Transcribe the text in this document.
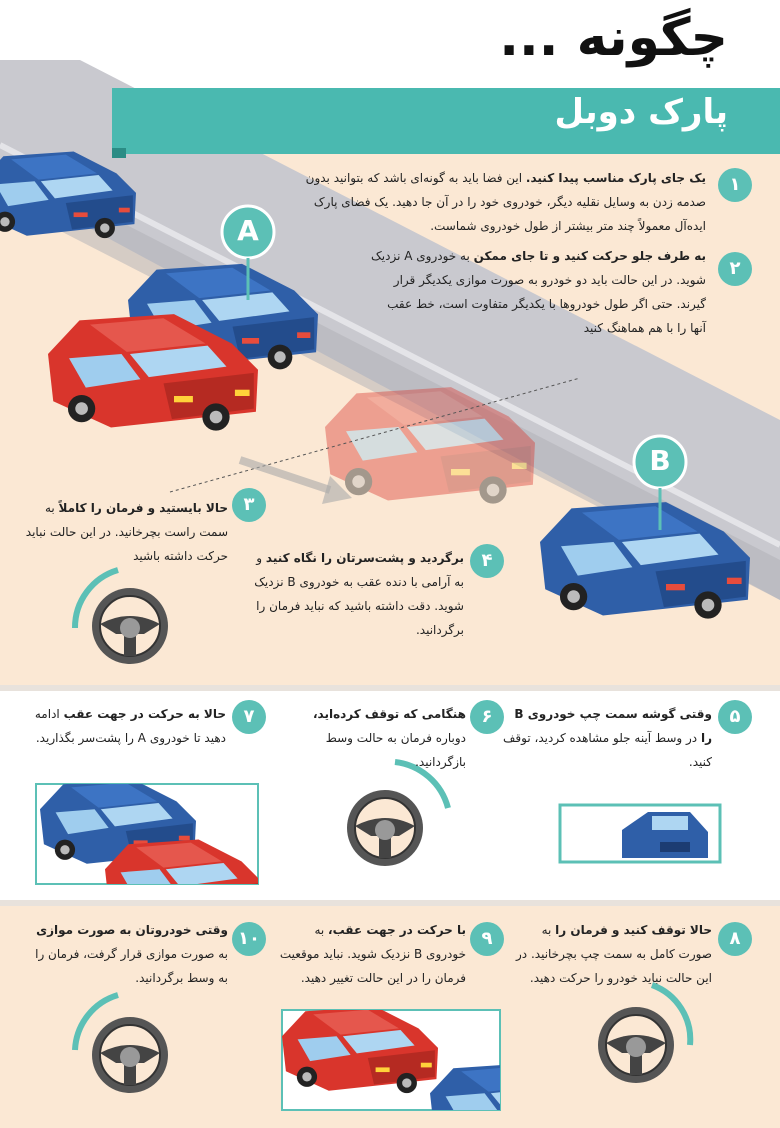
چگونه ...
پارک دوبل
A
B
۱
یک جای پارک مناسب پیدا کنید. این فضا باید به گونه‌ای باشد که بتوانید بدون صدمه زدن به وسایل نقلیه دیگر، خودروی خود را در آن جا دهید. یک فضای پارک ایده‌آل معمولاً چند متر بیشتر از طول خودروی شماست.
۲
به طرف جلو حرکت کنید و تا جای ممکن به خودروی A نزدیک شوید. در این حالت باید دو خودرو به صورت موازی یکدیگر قرار گیرند. حتی اگر طول خودروها با یکدیگر متفاوت است، خط عقب آنها را با هم هماهنگ کنید
۳
حالا بایستید و فرمان را کاملاً به سمت راست بچرخانید. در این حالت نباید حرکت داشته باشید	۴
برگردید و پشت‌سرتان را نگاه کنید و به آرامی با دنده عقب به خودروی B نزدیک شوید. دقت داشته باشید که نباید فرمان را برگردانید.
۵
وقتی گوشه سمت چپ خودروی B را در وسط آینه جلو مشاهده کردید، توقف کنید.
۶
هنگامی که توقف کرده‌اید، دوباره فرمان به حالت وسط بازگردانید.
۷
حالا به حرکت در جهت عقب ادامه دهید تا خودروی A را پشت‌سر بگذارید.
۸
حالا توقف کنید و فرمان را به صورت کامل به سمت چپ بچرخانید. در این حالت نباید خودرو را حرکت دهید.
۹
با حرکت در جهت عقب، به خودروی B نزدیک شوید. نباید موقعیت فرمان را در این حالت تغییر دهید.
۱۰
وقتی خودروتان به صورت موازی به صورت موازی قرار گرفت، فرمان را به وسط برگردانید.
